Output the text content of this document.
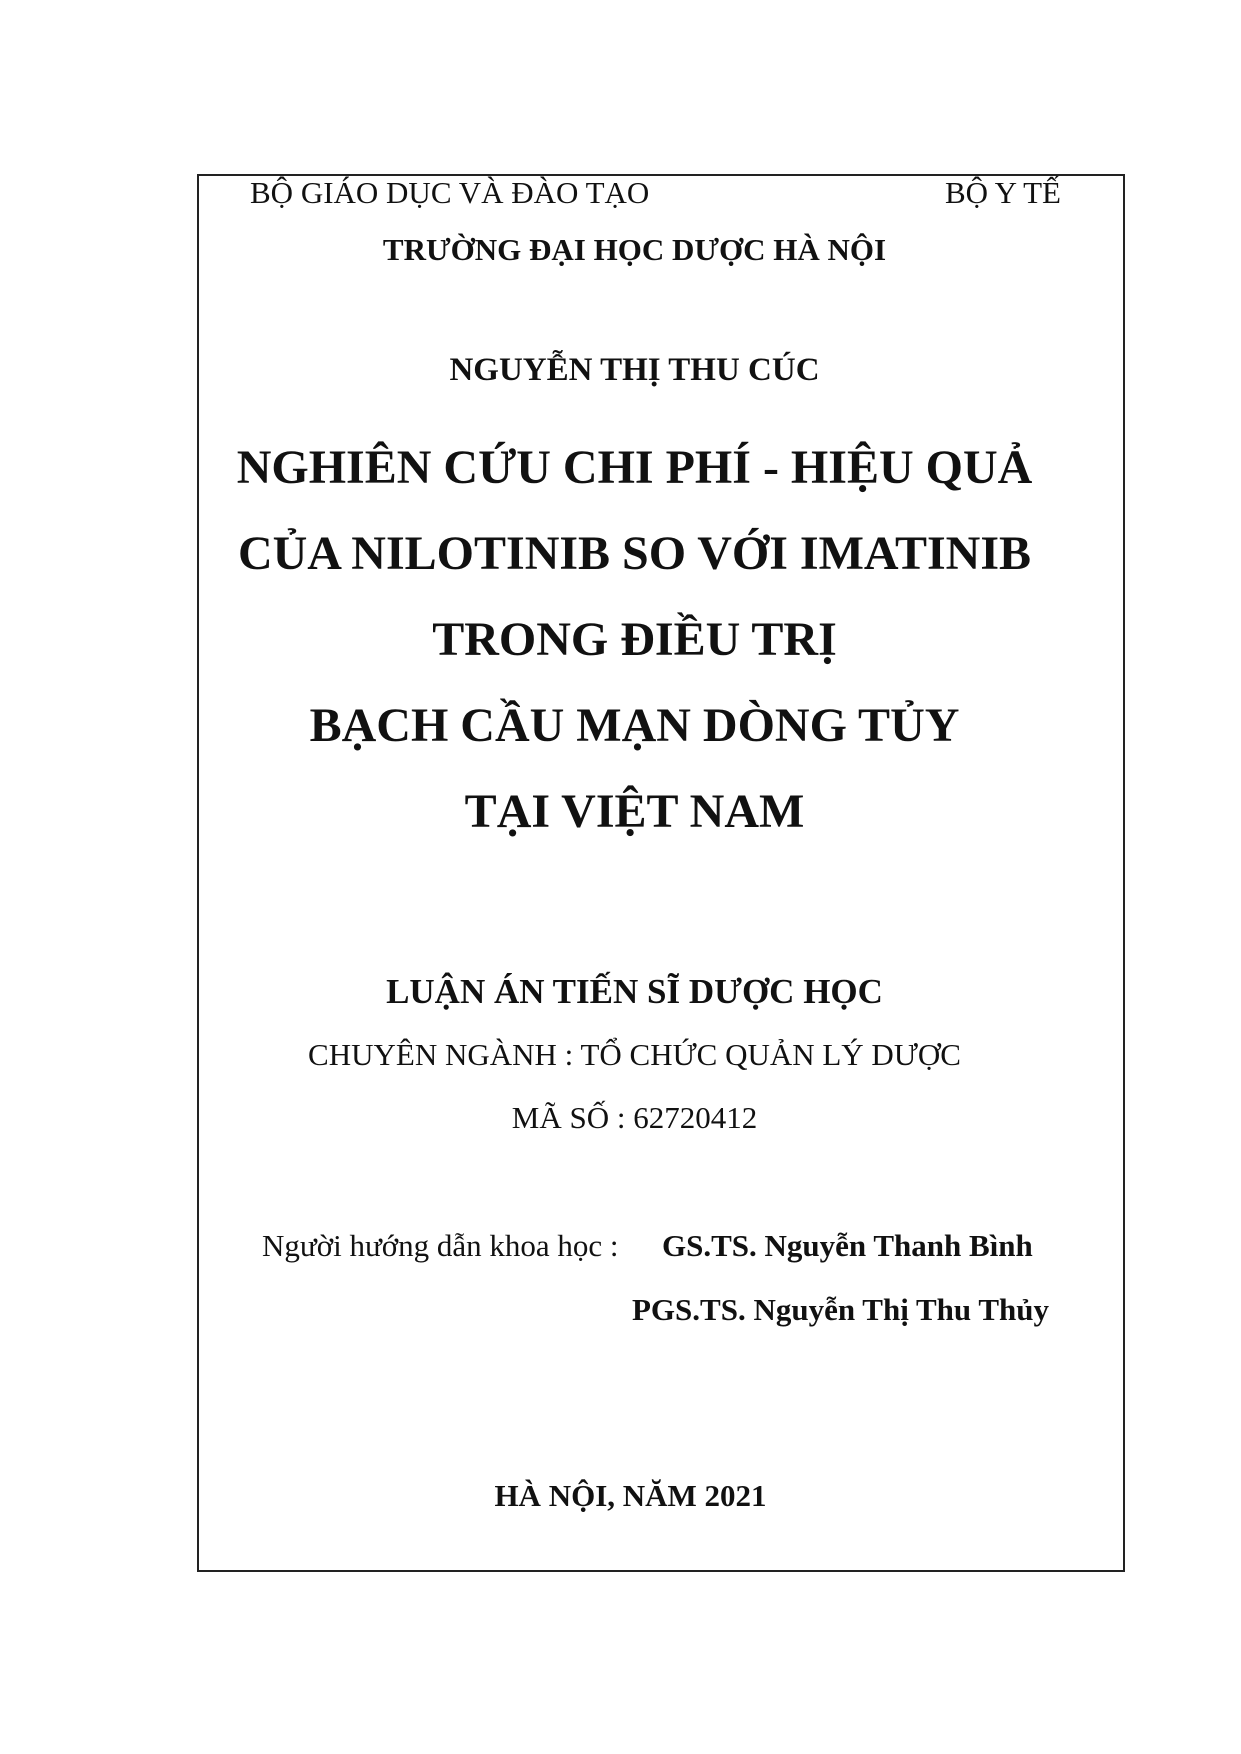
BỘ GIÁO DỤC VÀ ĐÀO TẠO	BỘ Y TẾ
TRƯỜNG ĐẠI HỌC DƯỢC HÀ NỘI
NGUYỄN THỊ THU CÚC
NGHIÊN CỨU CHI PHÍ - HIỆU QUẢ
CỦA NILOTINIB SO VỚI IMATINIB
TRONG ĐIỀU TRỊ
BẠCH CẦU MẠN DÒNG TỦY
TẠI VIỆT NAM
LUẬN ÁN TIẾN SĨ DƯỢC HỌC
CHUYÊN NGÀNH : TỔ CHỨC QUẢN LÝ DƯỢC
MÃ SỐ : 62720412
Người hướng dẫn khoa học : GS.TS. Nguyễn Thanh Bình
PGS.TS. Nguyễn Thị Thu Thủy
HÀ NỘI, NĂM 2021
